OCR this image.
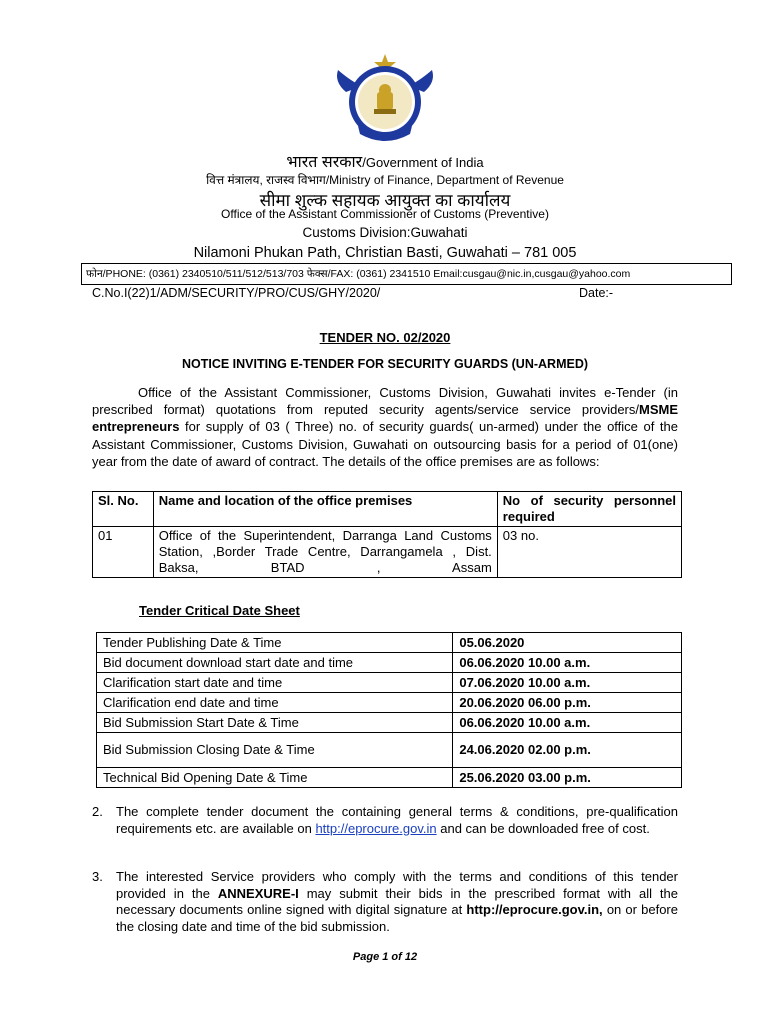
भारत सरकार/Government of India
वित्त मंत्रालय, राजस्व विभाग/Ministry of Finance, Department of Revenue
सीमा शुल्क सहायक आयुक्त का कार्यालय
Office of the Assistant Commissioner of Customs (Preventive)
Customs Division:Guwahati
Nilamoni Phukan Path, Christian Basti, Guwahati – 781 005
फोन/PHONE: (0361) 2340510/511/512/513/703 फेक्स/FAX: (0361) 2341510 Email:cusgau@nic.in,cusgau@yahoo.com
C.No.I(22)1/ADM/SECURITY/PRO/CUS/GHY/2020/	Date:-
TENDER NO. 02/2020
NOTICE INVITING E-TENDER FOR SECURITY GUARDS (UN-ARMED)
Office of the Assistant Commissioner, Customs Division, Guwahati invites e-Tender (in prescribed format) quotations from reputed security agents/service service providers/MSME entrepreneurs for supply of 03 ( Three) no. of security guards( un-armed) under the office of the Assistant Commissioner, Customs Division, Guwahati on outsourcing basis for a period of 01(one) year from the date of award of contract. The details of the office premises are as follows:
Sl. No.	Name and location of the office premises	No of security personnel required
01	Office of the Superintendent, Darranga Land Customs Station, ,Border Trade Centre, Darrangamela , Dist. Baksa, BTAD , Assam	03 no.
Tender Critical Date Sheet
Tender Publishing Date & Time	05.06.2020
Bid document download start date and time	06.06.2020 10.00 a.m.
Clarification start date and time	07.06.2020 10.00 a.m.
Clarification end date and time	20.06.2020 06.00 p.m.
Bid Submission Start Date & Time	06.06.2020 10.00 a.m.
Bid Submission Closing Date & Time	24.06.2020 02.00 p.m.
Technical Bid Opening Date & Time	25.06.2020 03.00 p.m.
2. The complete tender document the containing general terms & conditions, pre-qualification requirements etc. are available on http://eprocure.gov.in and can be downloaded free of cost.
3. The interested Service providers who comply with the terms and conditions of this tender provided in the ANNEXURE-I may submit their bids in the prescribed format with all the necessary documents online signed with digital signature at http://eprocure.gov.in, on or before the closing date and time of the bid submission.
Page 1 of 12
